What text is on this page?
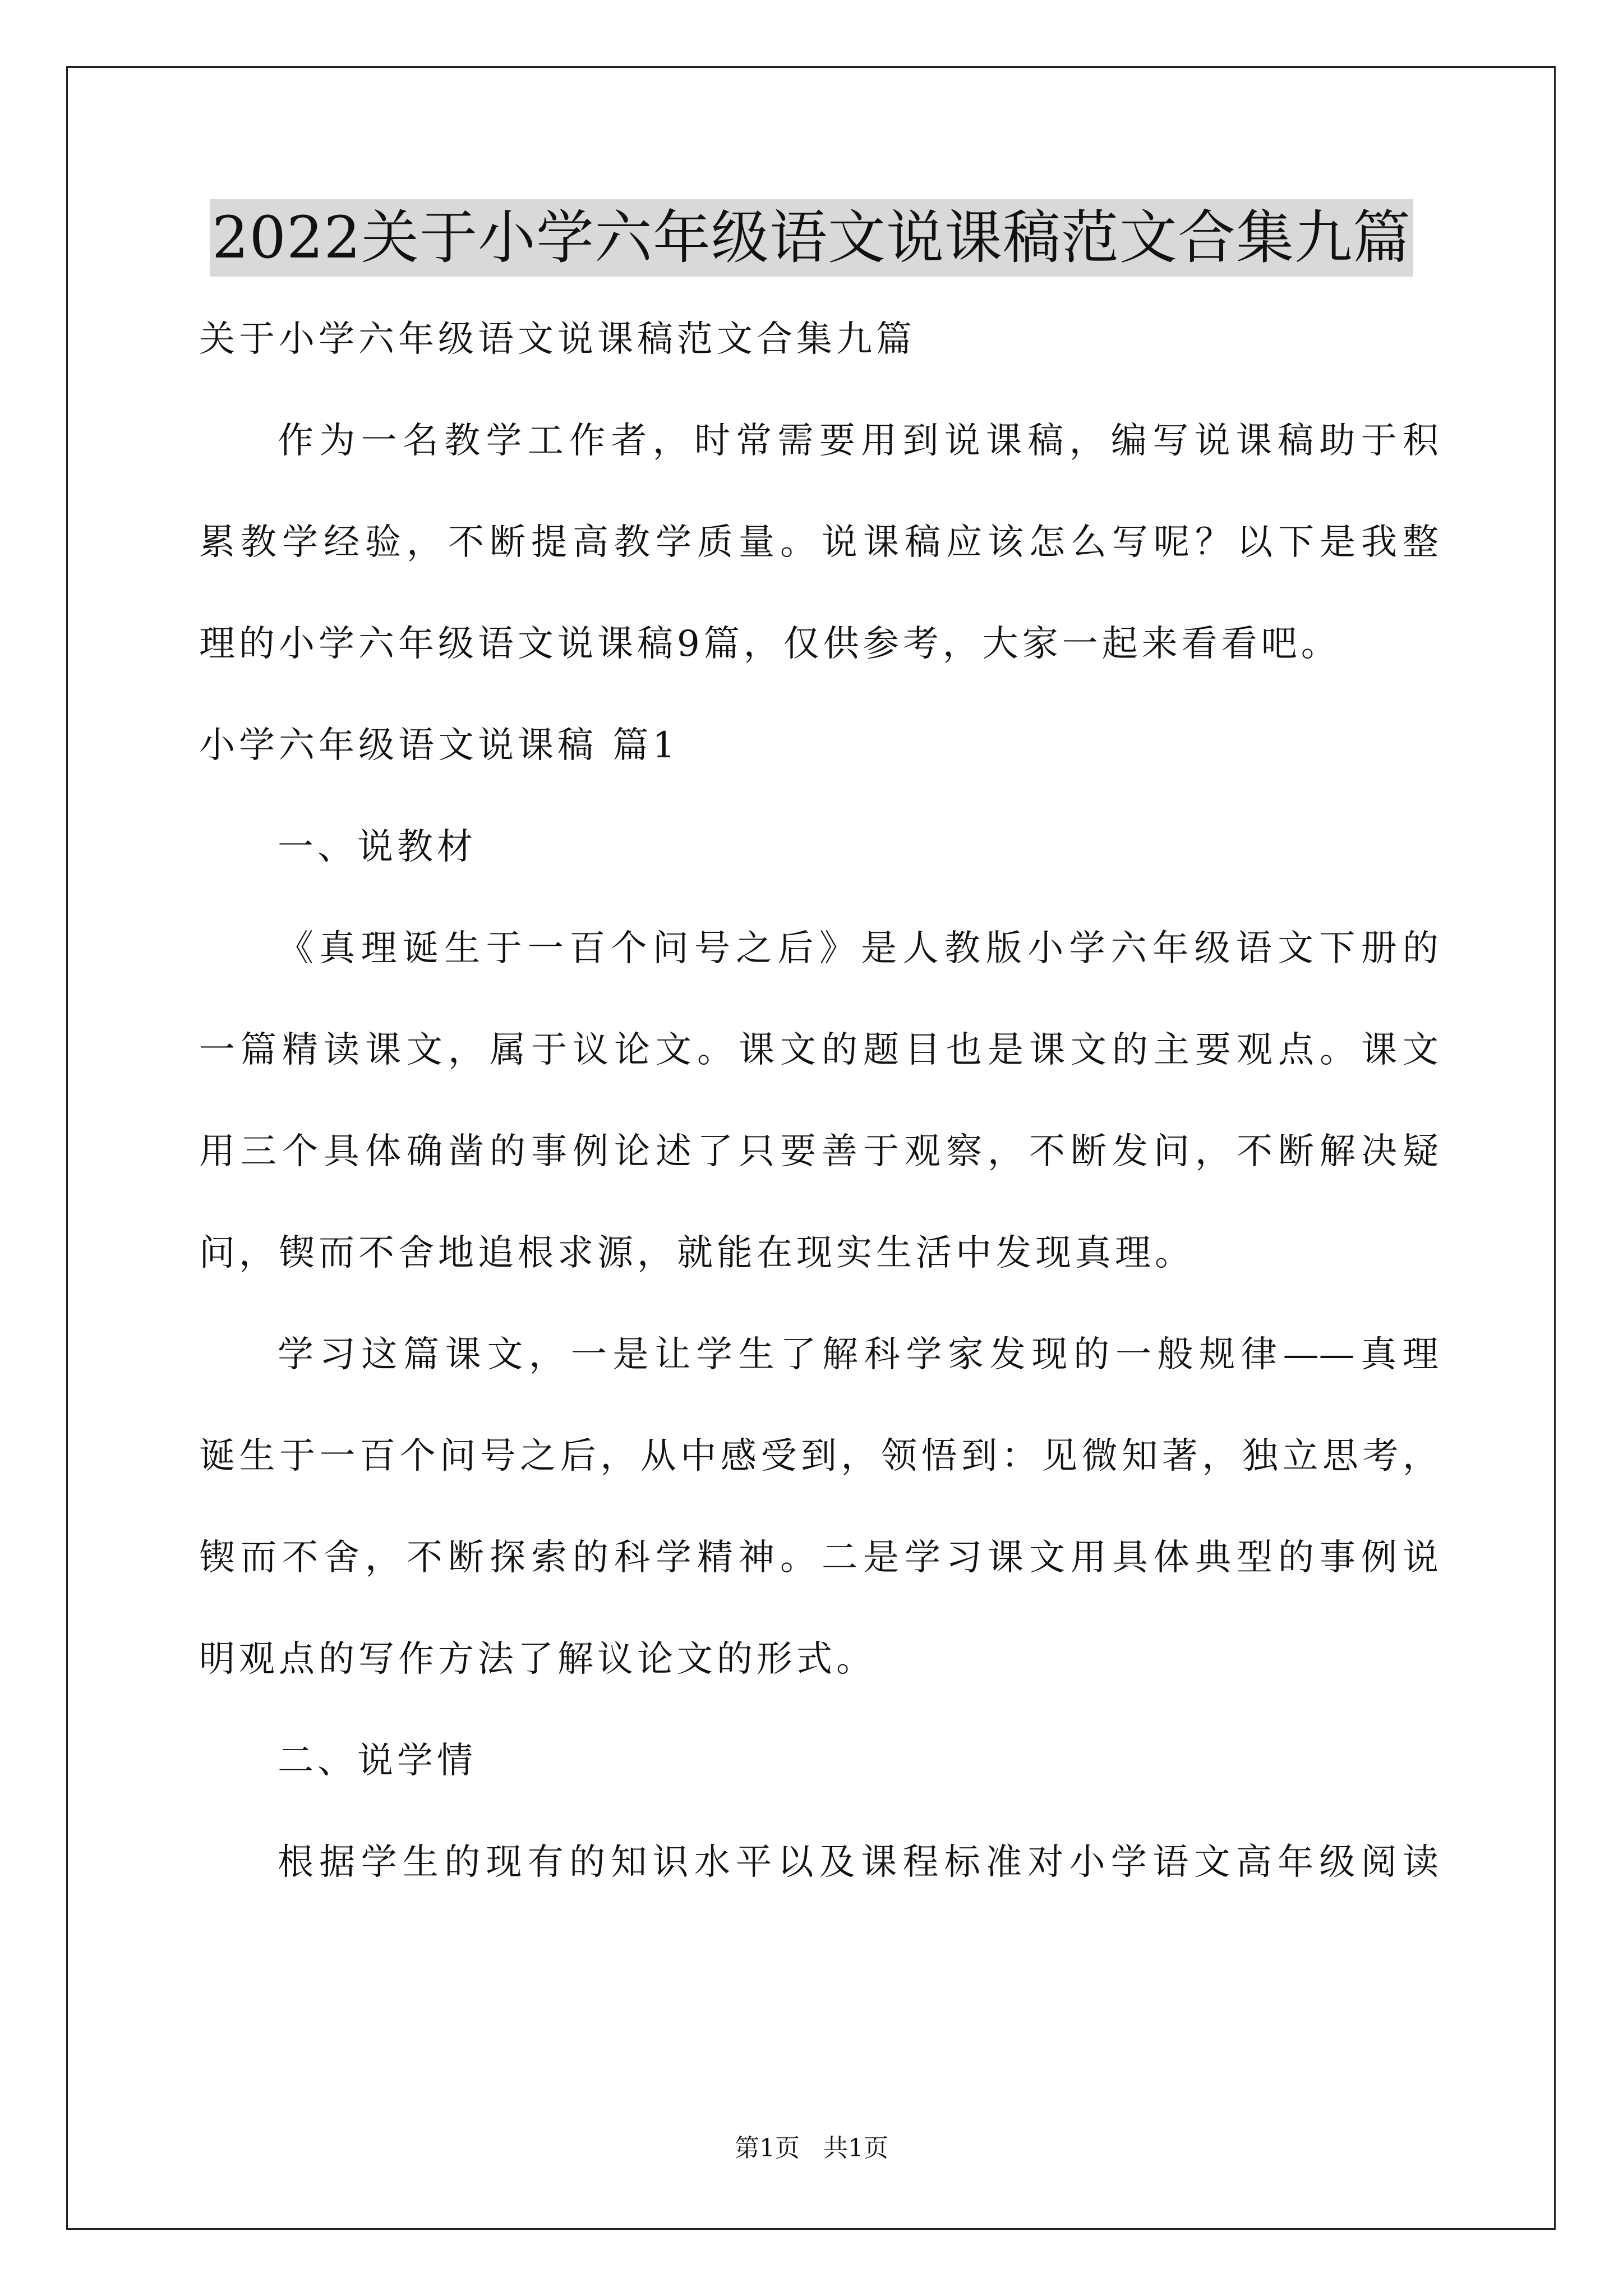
2022关于小学六年级语文说课稿范文合集九篇
关于小学六年级语文说课稿范文合集九篇
作为一名教学工作者，时常需要用到说课稿，编写说课稿助于积
累教学经验，不断提高教学质量。说课稿应该怎么写呢？以下是我整
理的小学六年级语文说课稿9篇，仅供参考，大家一起来看看吧。
小学六年级语文说课稿 篇1
一、说教材
《真理诞生于一百个问号之后》是人教版小学六年级语文下册的
一篇精读课文，属于议论文。课文的题目也是课文的主要观点。课文
用三个具体确凿的事例论述了只要善于观察，不断发问，不断解决疑
问，锲而不舍地追根求源，就能在现实生活中发现真理。
学习这篇课文，一是让学生了解科学家发现的一般规律——真理
诞生于一百个问号之后，从中感受到，领悟到：见微知著，独立思考，
锲而不舍，不断探索的科学精神。二是学习课文用具体典型的事例说
明观点的写作方法了解议论文的形式。
二、说学情
根据学生的现有的知识水平以及课程标准对小学语文高年级阅读
第1页   共1页
